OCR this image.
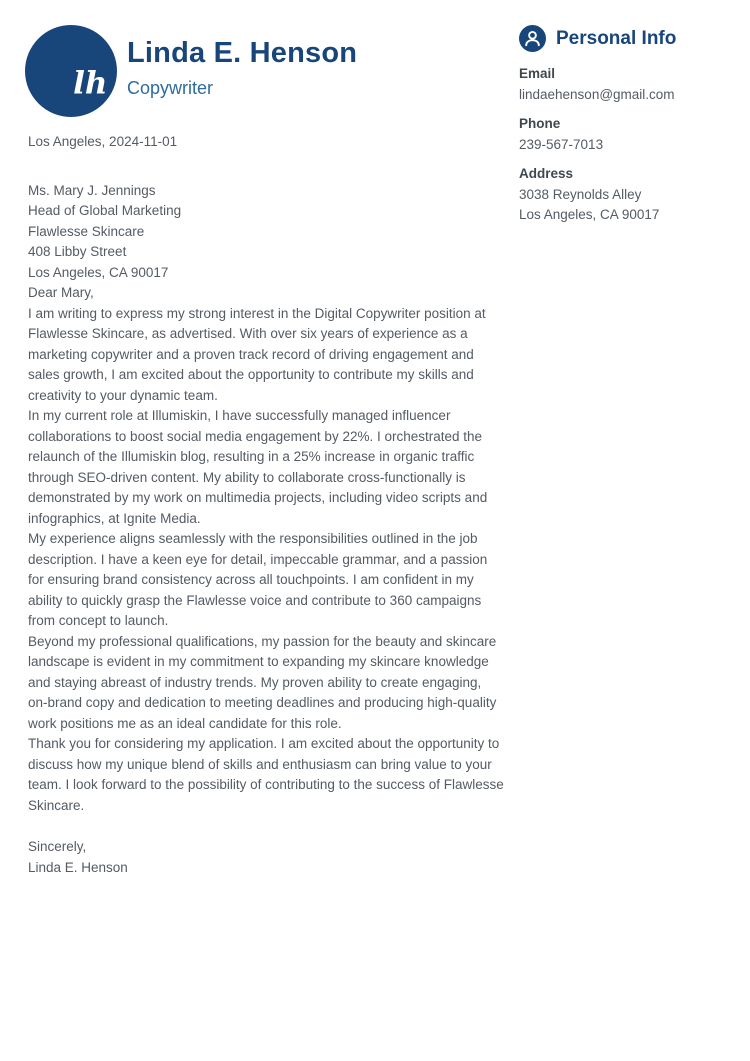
lh
Linda E. Henson
Copywriter
Personal Info
Email
lindaehenson@gmail.com
Phone
239-567-7013
Address
3038 Reynolds Alley
Los Angeles, CA 90017

Los Angeles, 2024-11-01

Ms. Mary J. Jennings

Head of Global Marketing

Flawlesse Skincare

408 Libby Street

Los Angeles, CA 90017

Dear Mary,

I am writing to express my strong interest in the Digital Copywriter position at Flawlesse Skincare, as advertised. With over six years of experience as a marketing copywriter and a proven track record of driving engagement and sales growth, I am excited about the opportunity to contribute my skills and creativity to your dynamic team.

In my current role at Illumiskin, I have successfully managed influencer collaborations to boost social media engagement by 22%. I orchestrated the relaunch of the Illumiskin blog, resulting in a 25% increase in organic traffic through SEO-driven content. My ability to collaborate cross-functionally is demonstrated by my work on multimedia projects, including video scripts and infographics, at Ignite Media.

My experience aligns seamlessly with the responsibilities outlined in the job description. I have a keen eye for detail, impeccable grammar, and a passion for ensuring brand consistency across all touchpoints. I am confident in my ability to quickly grasp the Flawlesse voice and contribute to 360 campaigns from concept to launch.

Beyond my professional qualifications, my passion for the beauty and skincare landscape is evident in my commitment to expanding my skincare knowledge and staying abreast of industry trends. My proven ability to create engaging, on-brand copy and dedication to meeting deadlines and producing high-quality work positions me as an ideal candidate for this role.

Thank you for considering my application. I am excited about the opportunity to discuss how my unique blend of skills and enthusiasm can bring value to your team. I look forward to the possibility of contributing to the success of Flawlesse Skincare.

Sincerely,

Linda E. Henson
